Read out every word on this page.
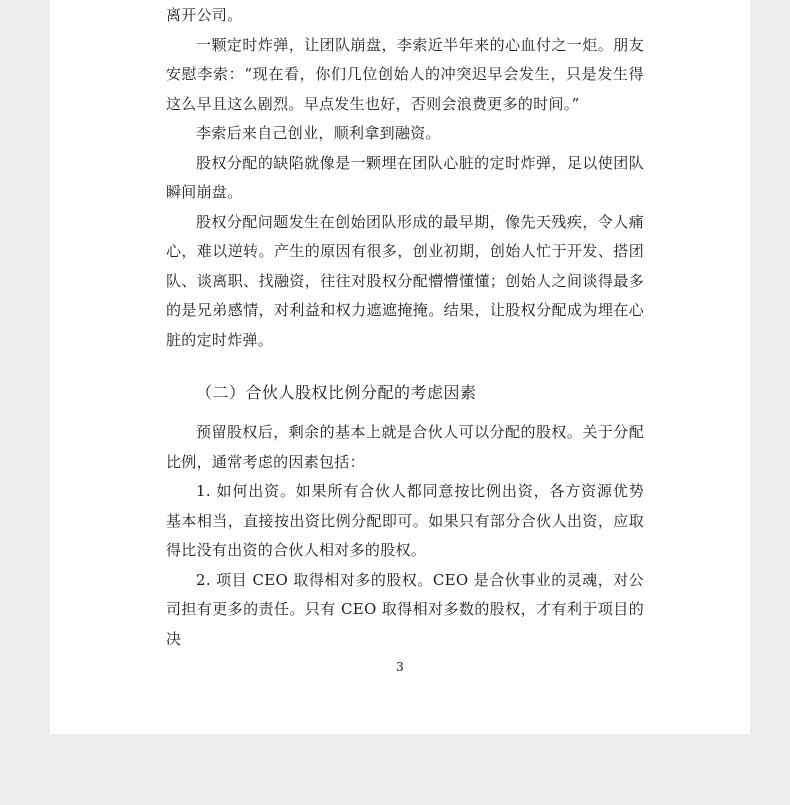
离开公司。

一颗定时炸弹，让团队崩盘，李索近半年来的心血付之一炬。朋友安慰李索：“现在看，你们几位创始人的冲突迟早会发生，只是发生得这么早且这么剧烈。早点发生也好，否则会浪费更多的时间。”

李索后来自己创业，顺利拿到融资。

股权分配的缺陷就像是一颗埋在团队心脏的定时炸弹，足以使团队瞬间崩盘。

股权分配问题发生在创始团队形成的最早期，像先天残疾，令人痛心，难以逆转。产生的原因有很多，创业初期，创始人忙于开发、搭团队、谈离职、找融资，往往对股权分配懵懵懂懂；创始人之间谈得最多的是兄弟感情，对利益和权力遮遮掩掩。结果，让股权分配成为埋在心脏的定时炸弹。

（二）合伙人股权比例分配的考虑因素

预留股权后，剩余的基本上就是合伙人可以分配的股权。关于分配比例，通常考虑的因素包括：

1. 如何出资。如果所有合伙人都同意按比例出资，各方资源优势基本相当，直接按出资比例分配即可。如果只有部分合伙人出资，应取得比没有出资的合伙人相对多的股权。

2. 项目 CEO 取得相对多的股权。CEO 是合伙事业的灵魂，对公司担有更多的责任。只有 CEO 取得相对多数的股权，才有利于项目的决

3
